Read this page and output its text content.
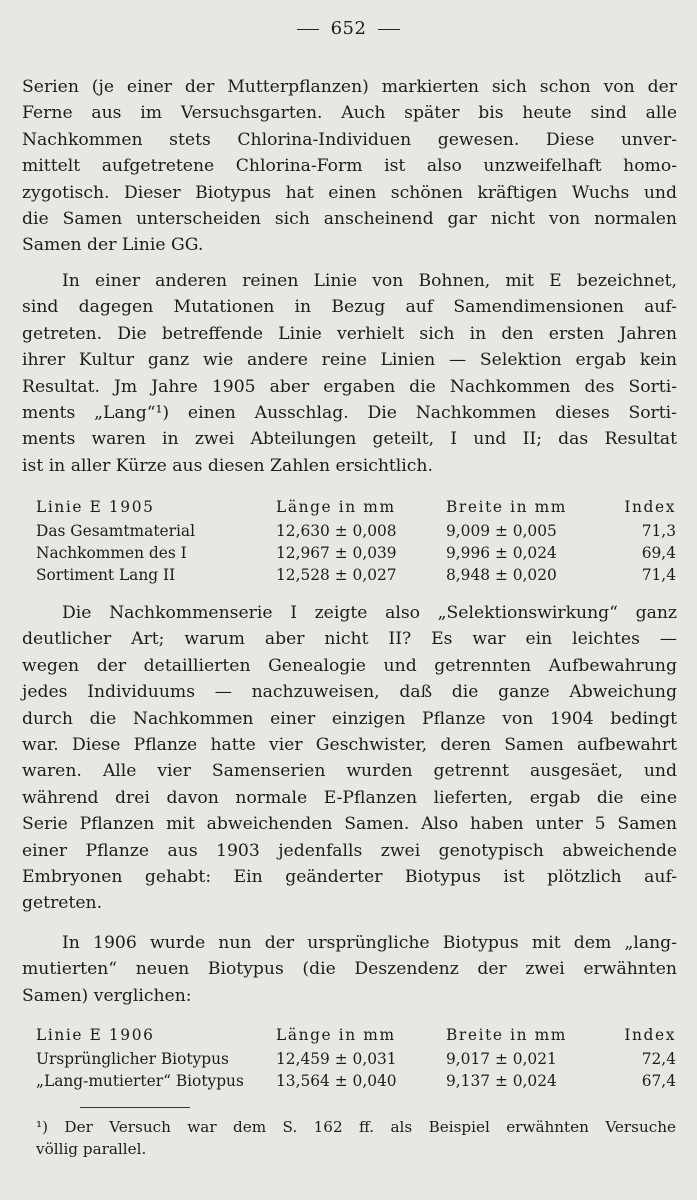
652
Serien (je einer der Mutterpflanzen) markierten sich schon von der
Ferne aus im Versuchsgarten. Auch später bis heute sind alle
Nachkommen stets Chlorina-Individuen gewesen. Diese unver-
mittelt aufgetretene Chlorina-Form ist also unzweifelhaft homo-
zygotisch. Dieser Biotypus hat einen schönen kräftigen Wuchs und
die Samen unterscheiden sich anscheinend gar nicht von normalen
Samen der Linie GG.
In einer anderen reinen Linie von Bohnen, mit E bezeichnet,
sind dagegen Mutationen in Bezug auf Samendimensionen auf-
getreten. Die betreffende Linie verhielt sich in den ersten Jahren
ihrer Kultur ganz wie andere reine Linien — Selektion ergab kein
Resultat. Jm Jahre 1905 aber ergaben die Nachkommen des Sorti-
ments „Lang“¹) einen Ausschlag. Die Nachkommen dieses Sorti-
ments waren in zwei Abteilungen geteilt, I und II; das Resultat
ist in aller Kürze aus diesen Zahlen ersichtlich.
Linie E 1905	Länge in mm	Breite in mm	Index
Das Gesamtmaterial	12,630 ± 0,008	9,009 ± 0,005	71,3
Nachkommen des I	12,967 ± 0,039	9,996 ± 0,024	69,4
Sortiment Lang II	12,528 ± 0,027	8,948 ± 0,020	71,4
Die Nachkommenserie I zeigte also „Selektionswirkung“ ganz
deutlicher Art; warum aber nicht II? Es war ein leichtes —
wegen der detaillierten Genealogie und getrennten Aufbewahrung
jedes Individuums — nachzuweisen, daß die ganze Abweichung
durch die Nachkommen einer einzigen Pflanze von 1904 bedingt
war. Diese Pflanze hatte vier Geschwister, deren Samen aufbewahrt
waren. Alle vier Samenserien wurden getrennt ausgesäet, und
während drei davon normale E-Pflanzen lieferten, ergab die eine
Serie Pflanzen mit abweichenden Samen. Also haben unter 5 Samen
einer Pflanze aus 1903 jedenfalls zwei genotypisch abweichende
Embryonen gehabt: Ein geänderter Biotypus ist plötzlich auf-
getreten.
In 1906 wurde nun der ursprüngliche Biotypus mit dem „lang-
mutierten“ neuen Biotypus (die Deszendenz der zwei erwähnten
Samen) verglichen:
Linie E 1906	Länge in mm	Breite in mm	Index
Ursprünglicher Biotypus	12,459 ± 0,031	9,017 ± 0,021	72,4
„Lang-mutierter“ Biotypus	13,564 ± 0,040	9,137 ± 0,024	67,4
¹) Der Versuch war dem S. 162 ff. als Beispiel erwähnten Versuche
völlig parallel.
